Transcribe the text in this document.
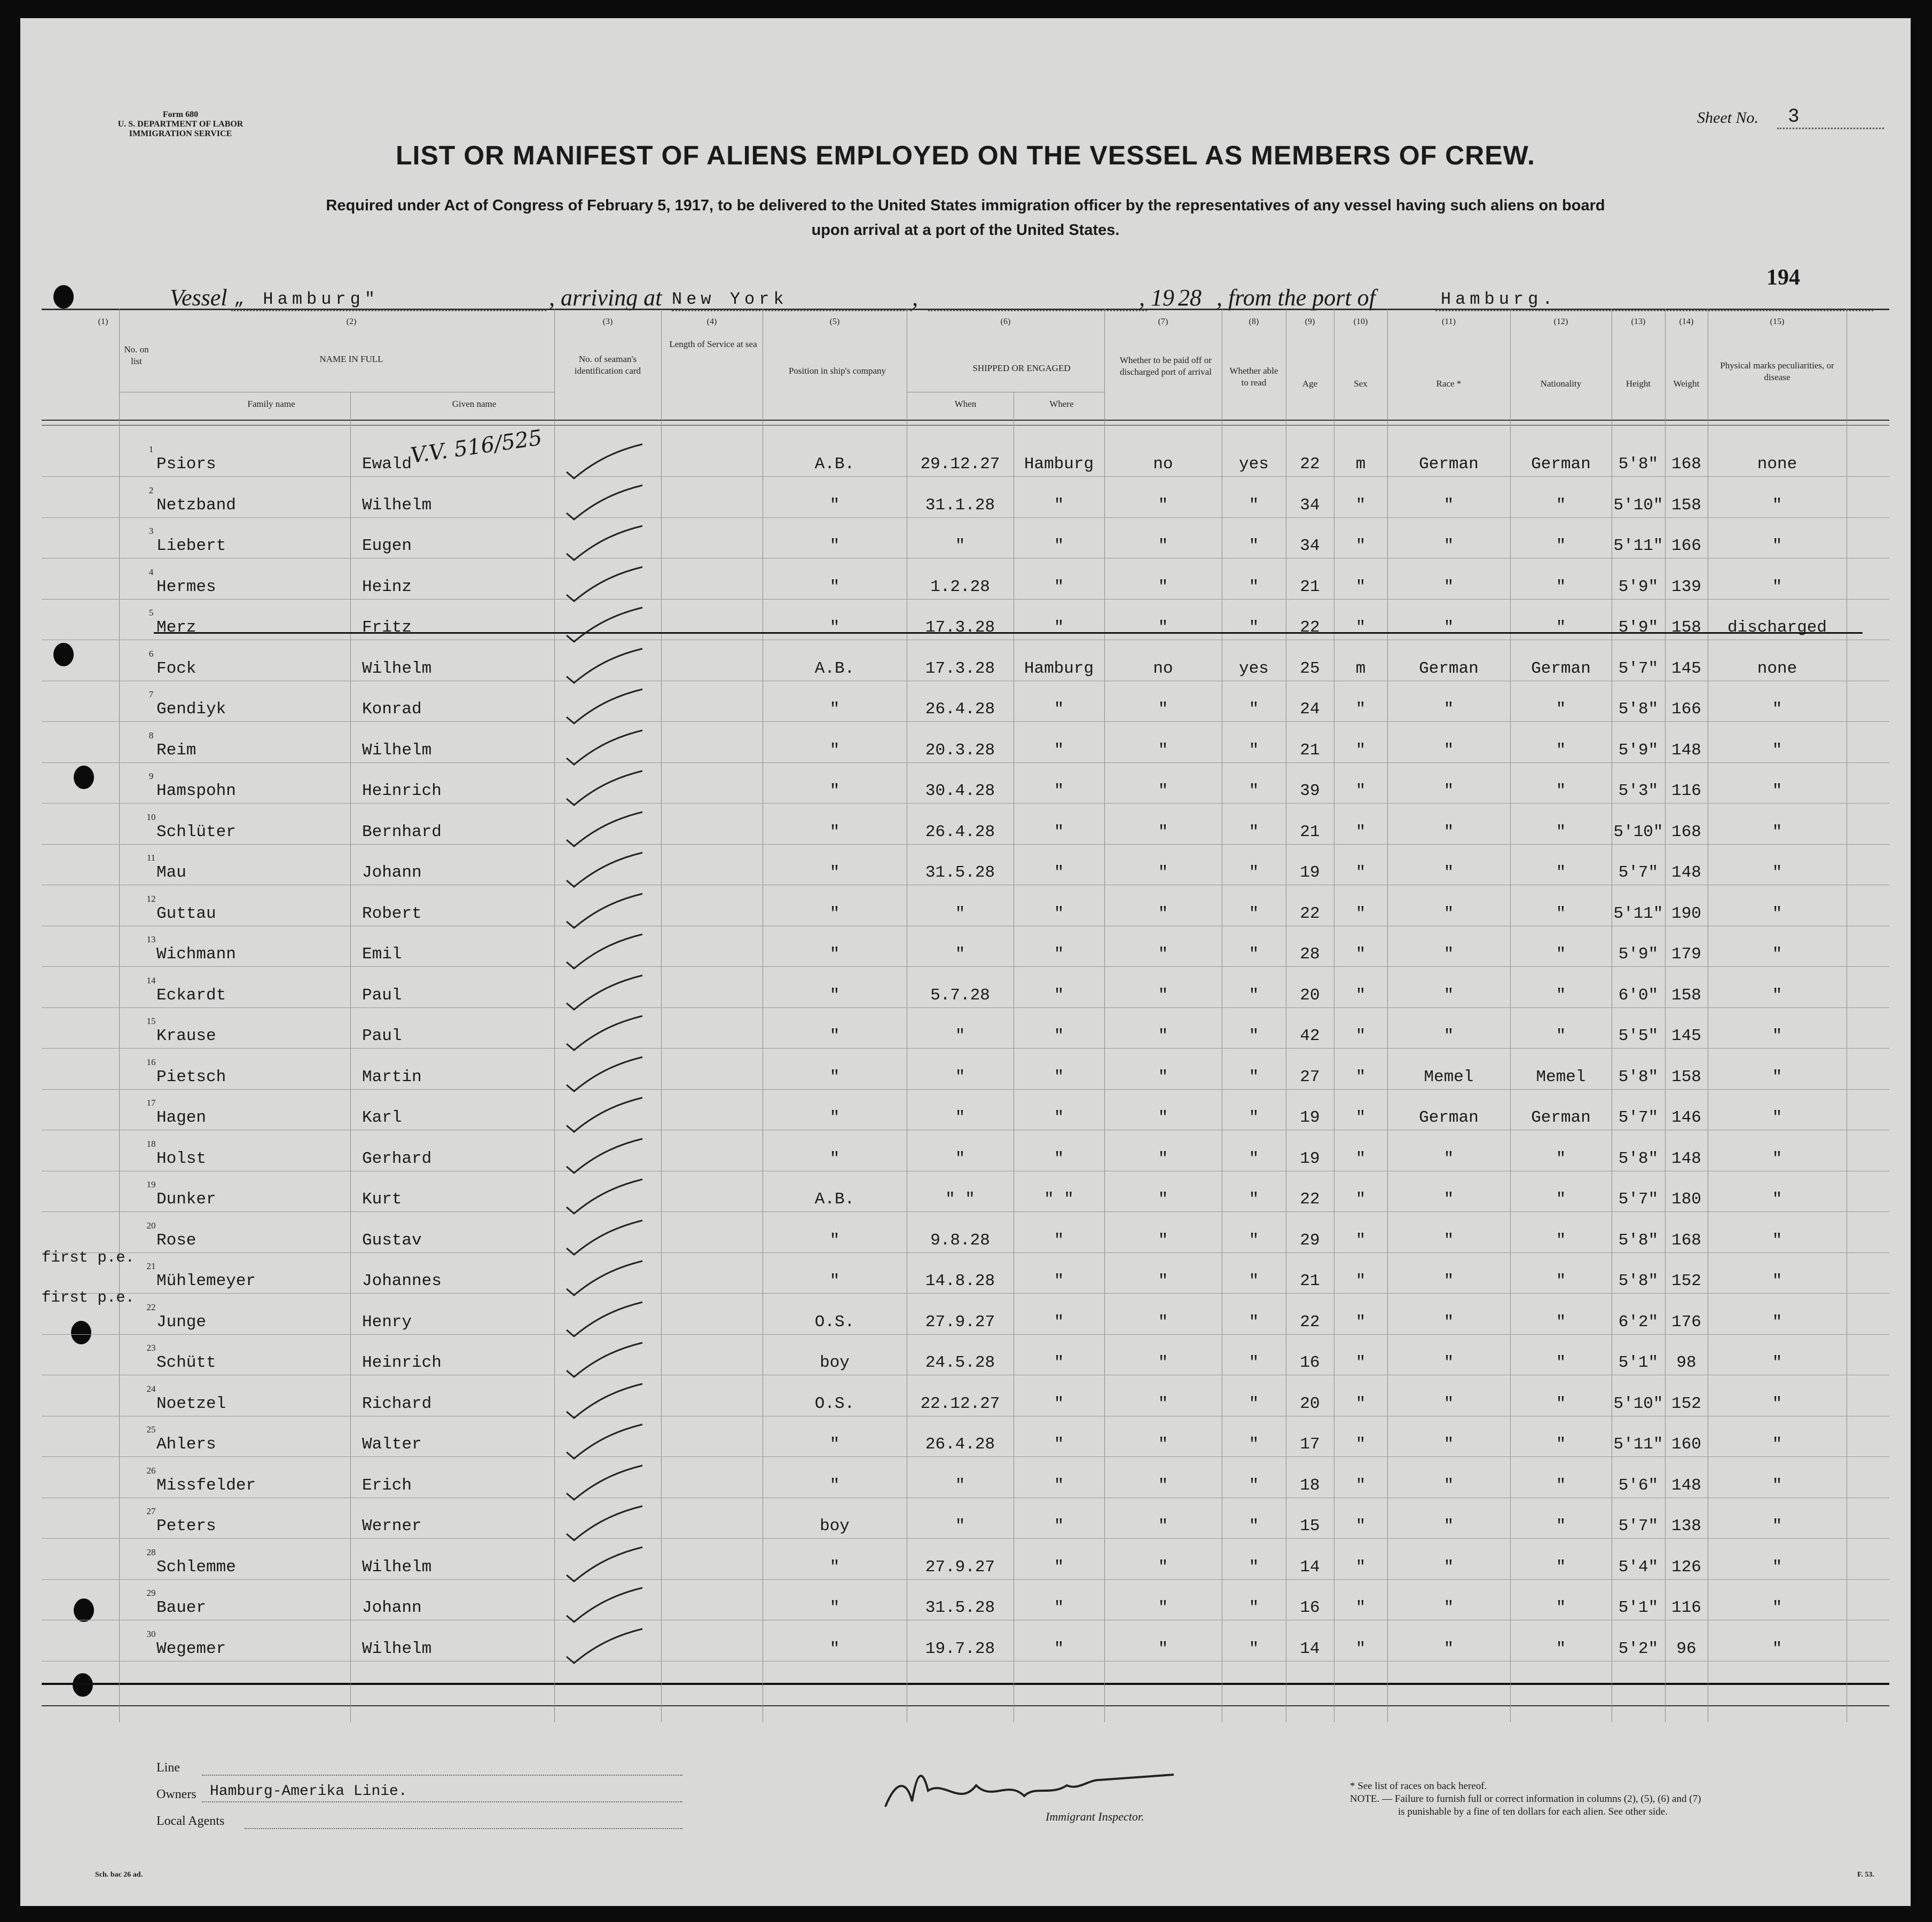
Form 680
U. S. DEPARTMENT OF LABOR
IMMIGRATION SERVICE
Sheet No. 3
LIST OR MANIFEST OF ALIENS EMPLOYED ON THE VESSEL AS MEMBERS OF CREW.
Required under Act of Congress of February 5, 1917, to be delivered to the United States immigration officer by the representatives of any vessel having such aliens on board
upon arrival at a port of the United States.
194
Vessel „ Hamburg"	, arriving at New York	,	, 19 28 , from the port of	Hamburg.
(1)	(2)	(3)	(4)	(5)	(6)	(7)	(8)	(9)	(10)	(11)	(12)	(13)	(14)	(15)
No. on list	NAME IN FULL
Family name	Given name
No. of seaman's identification card
Length of Service at sea
Position in ship's company	SHIPPED OR ENGAGED
When	Where
Whether to be paid off or discharged port of arrival	Whether able to read	Age	Sex	Race *	Nationality	Height	Weight
Physical marks peculiarities, or disease
V.V. 516/525
1
Psiors	Ewald	A.B.	29.12.27	Hamburg	no	yes	22	m	German	German	5'8" 168	none
2
Netzband	Wilhelm	"	31.1.28	"	"	"	34	"	"	"	5'10" 158	"
3
Liebert	Eugen	"	"	"	"	"	34	"	"	"	5'11" 166	"
4
Hermes	Heinz	"	1.2.28	"	"	"	21	"	"	"	5'9" 139	"
5
Merz	Fritz	"	17.3.28	"	"	"	22	"	"	"	5'9" 158	discharged
6
Fock	Wilhelm	A.B.	17.3.28	Hamburg	no	yes	25	m	German	German	5'7" 145	none
7
Gendiyk	Konrad	"	26.4.28	"	"	"	24	"	"	"	5'8" 166	"
8
Reim	Wilhelm	"	20.3.28	"	"	"	21	"	"	"	5'9" 148	"
9
Hamspohn	Heinrich	"	30.4.28	"	"	"	39	"	"	"	5'3" 116	"
10
Schlüter	Bernhard	"	26.4.28	"	"	"	21	"	"	"	5'10" 168	"
11
Mau	Johann	"	31.5.28	"	"	"	19	"	"	"	5'7" 148	"
12
Guttau	Robert	"	"	"	"	"	22	"	"	"	5'11" 190	"
13
Wichmann	Emil	"	"	"	"	"	28	"	"	"	5'9" 179	"
14
Eckardt	Paul	"	5.7.28	"	"	"	20	"	"	"	6'0" 158	"
15
Krause	Paul	"	"	"	"	"	42	"	"	"	5'5" 145	"
16
Pietsch	Martin	"	"	"	"	"	27	"	Memel	Memel	5'8" 158	"
17
Hagen	Karl	"	"	"	"	"	19	"	German	German	5'7" 146	"
18
Holst	Gerhard	"	"	"	"	"	19	"	"	"	5'8" 148	"
19
Dunker	Kurt	A.B.	" "	" "	"	"	22	"	"	"	5'7" 180	"
20
Rose	Gustav	"	9.8.28	"	"	"	29	"	"	"	5'8" 168	"
21
Mühlemeyer	Johannes	"	14.8.28	"	"	"	21	"	"	"	5'8" 152	"
22
Junge	Henry	O.S.	27.9.27	"	"	"	22	"	"	"	6'2" 176	"
23
Schütt	Heinrich	boy	24.5.28	"	"	"	16	"	"	"	5'1"	98	"
24
Noetzel	Richard	O.S.	22.12.27	"	"	"	20	"	"	"	5'10" 152	"
25
Ahlers	Walter	"	26.4.28	"	"	"	17	"	"	"	5'11" 160	"
26
Missfelder	Erich	"	"	"	"	"	18	"	"	"	5'6" 148	"
27
Peters	Werner	boy	"	"	"	"	15	"	"	"	5'7" 138	"
28
Schlemme	Wilhelm	"	27.9.27	"	"	"	14	"	"	"	5'4" 126	"
29
Bauer	Johann	"	31.5.28	"	"	"	16	"	"	"	5'1" 116	"
30
Wegemer	Wilhelm	"	19.7.28	"	"	"	14	"	"	"	5'2"	96	"
first p.e.
first p.e.
Line
Owners Hamburg-Amerika Linie.
Local Agents	Immigrant Inspector.
* See list of races on back hereof.
NOTE. — Failure to furnish full or correct information in columns (2), (5), (6) and (7)
is punishable by a fine of ten dollars for each alien. See other side.
Sch. bac 26 ad.	F. 53.
